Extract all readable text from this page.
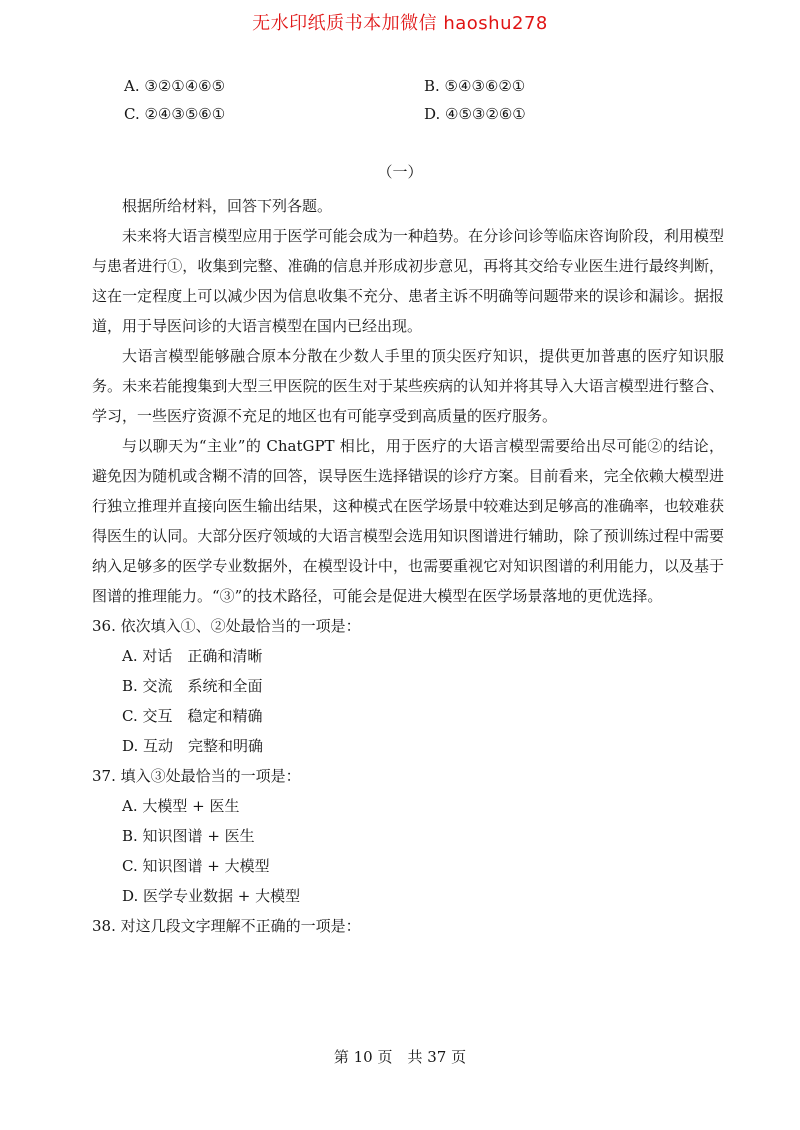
无水印纸质书本加微信 haoshu278
A. ③②①④⑥⑤	B. ⑤④③⑥②①
C. ②④③⑤⑥①	D. ④⑤③②⑥①
（一）

根据所给材料，回答下列各题。

未来将大语言模型应用于医学可能会成为一种趋势。在分诊问诊等临床咨询阶段，利用模型与患者进行①，收集到完整、准确的信息并形成初步意见，再将其交给专业医生进行最终判断，这在一定程度上可以减少因为信息收集不充分、患者主诉不明确等问题带来的误诊和漏诊。据报道，用于导医问诊的大语言模型在国内已经出现。

大语言模型能够融合原本分散在少数人手里的顶尖医疗知识，提供更加普惠的医疗知识服务。未来若能搜集到大型三甲医院的医生对于某些疾病的认知并将其导入大语言模型进行整合、学习，一些医疗资源不充足的地区也有可能享受到高质量的医疗服务。

与以聊天为“主业”的 ChatGPT 相比，用于医疗的大语言模型需要给出尽可能②的结论，避免因为随机或含糊不清的回答，误导医生选择错误的诊疗方案。目前看来，完全依赖大模型进行独立推理并直接向医生输出结果，这种模式在医学场景中较难达到足够高的准确率，也较难获得医生的认同。大部分医疗领域的大语言模型会选用知识图谱进行辅助，除了预训练过程中需要纳入足够多的医学专业数据外，在模型设计中，也需要重视它对知识图谱的利用能力，以及基于图谱的推理能力。“③”的技术路径，可能会是促进大模型在医学场景落地的更优选择。

36. 依次填入①、②处最恰当的一项是：

A. 对话　正确和清晰

B. 交流　系统和全面

C. 交互　稳定和精确

D. 互动　完整和明确

37. 填入③处最恰当的一项是：

A. 大模型 + 医生

B. 知识图谱 + 医生

C. 知识图谱 + 大模型

D. 医学专业数据 + 大模型

38. 对这几段文字理解不正确的一项是：

第 10 页　共 37 页
